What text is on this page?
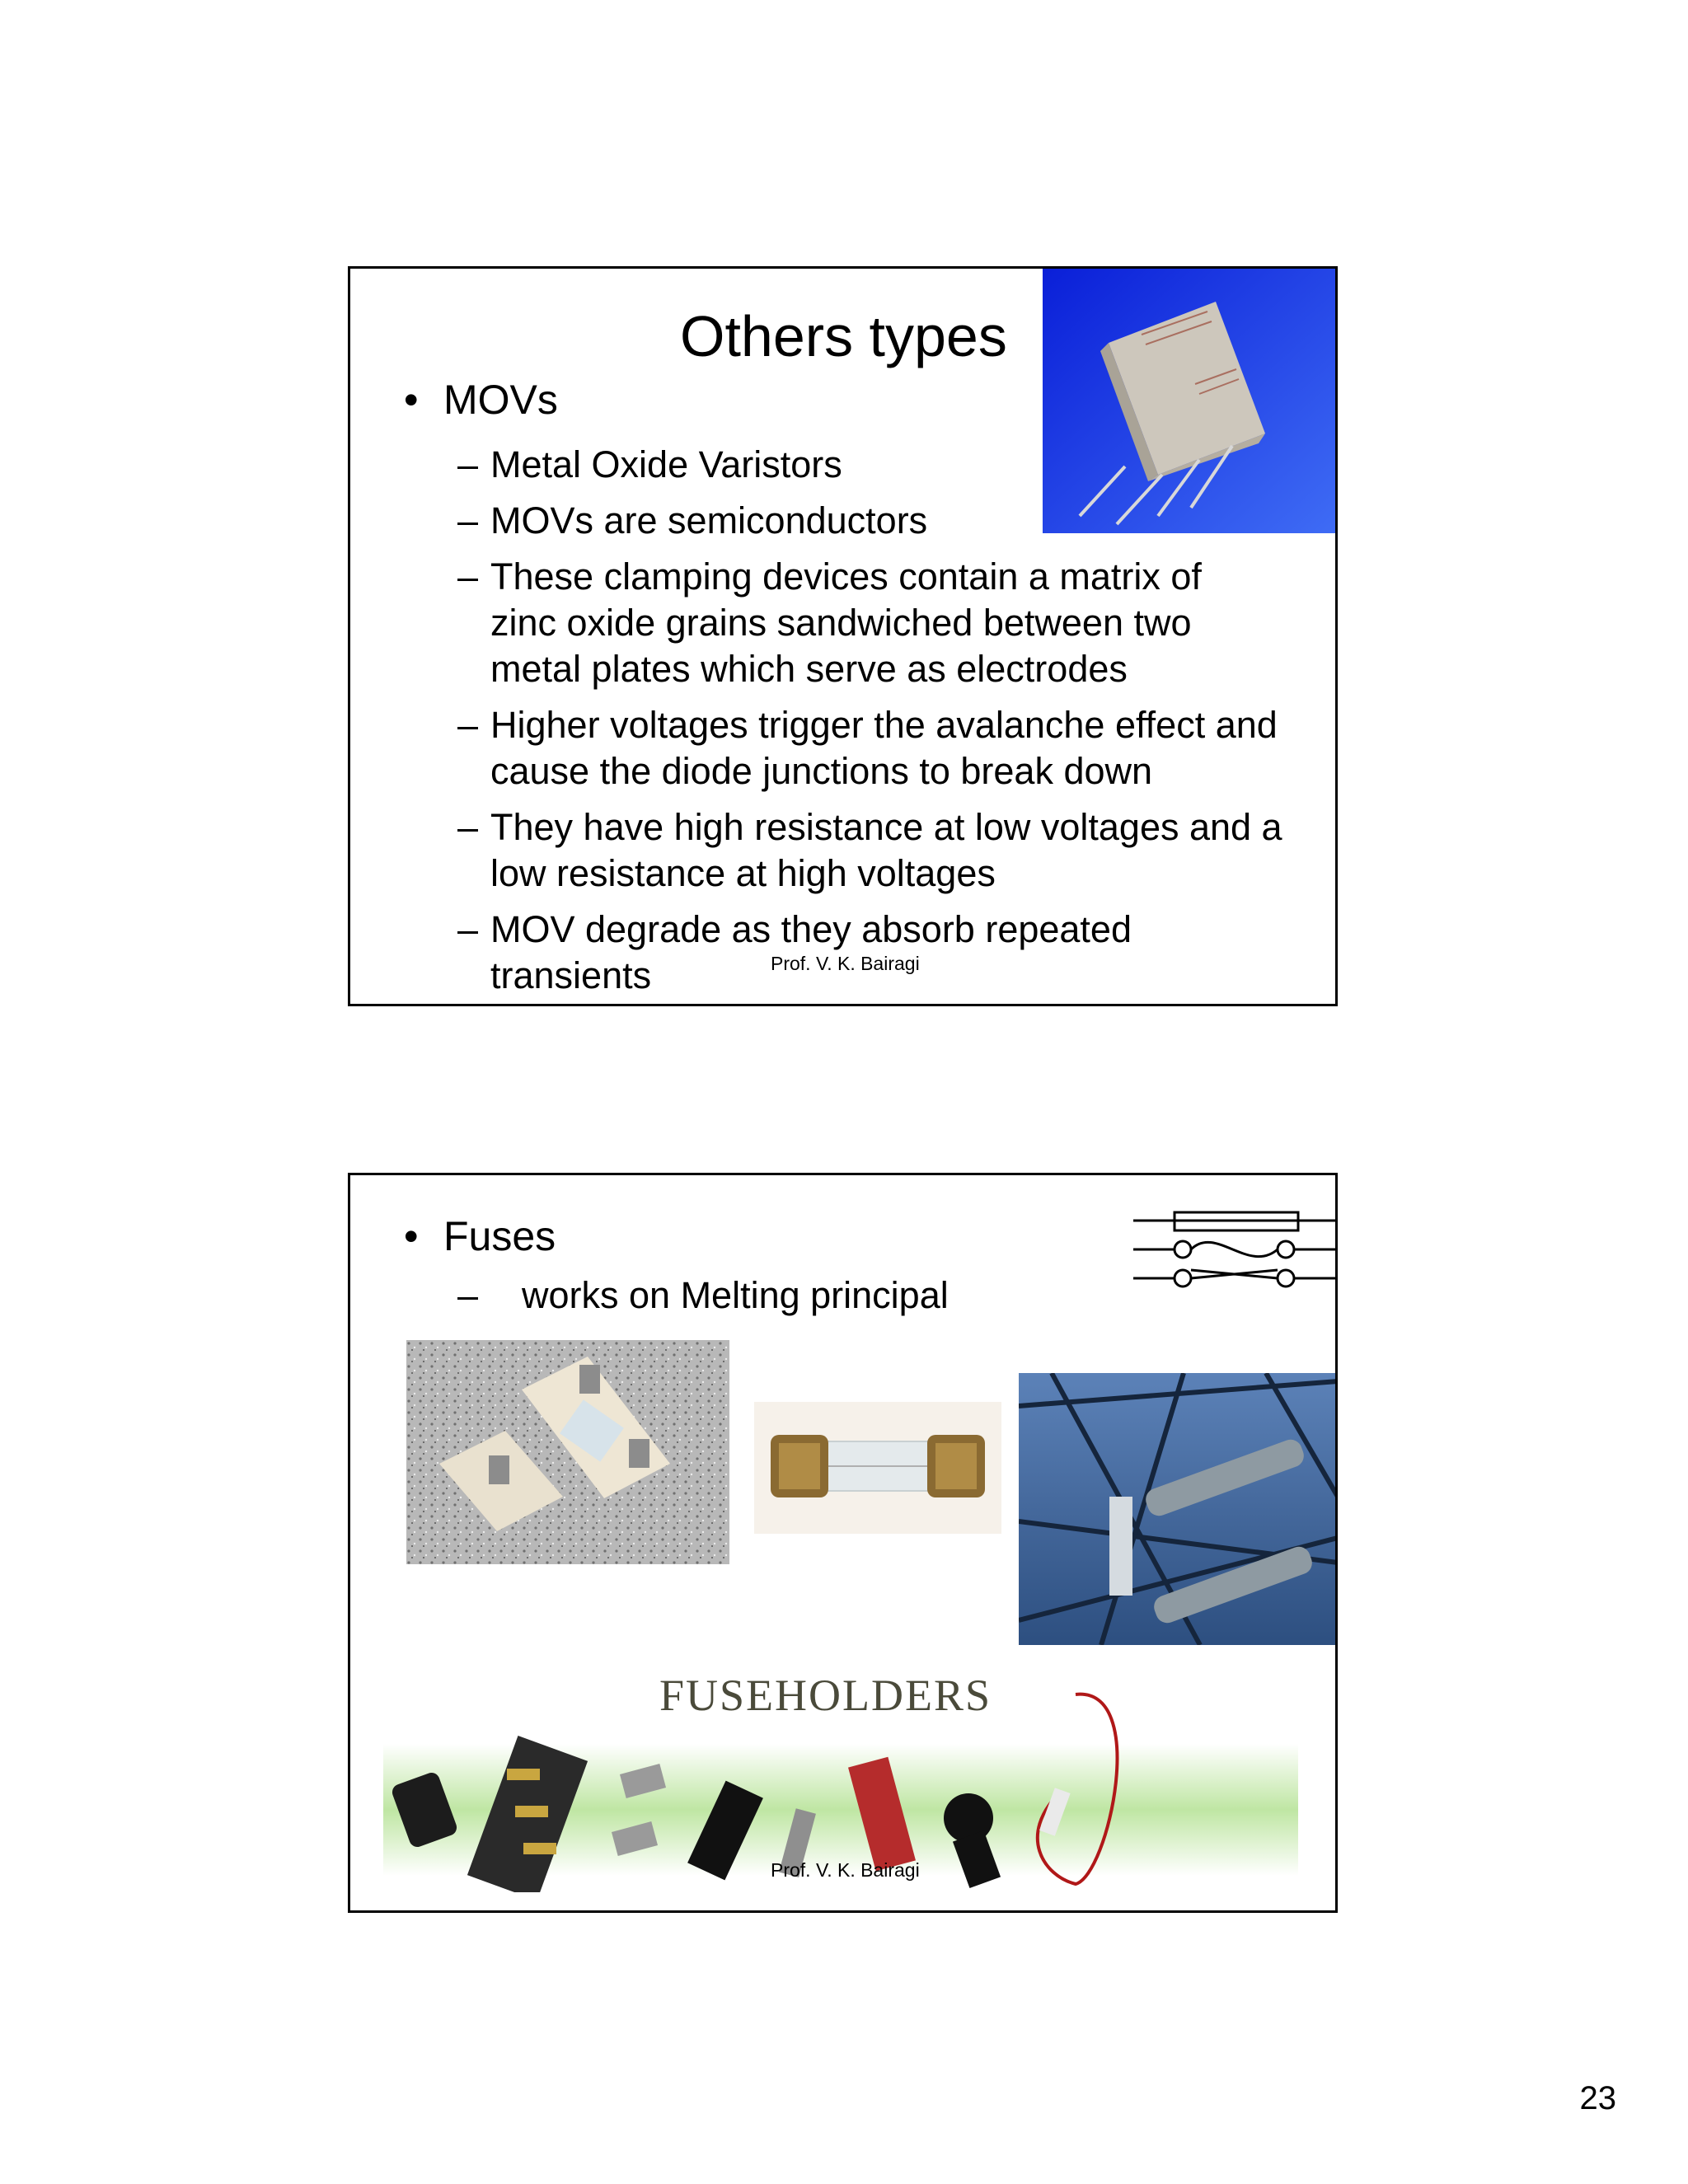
Others types
• MOVs
– Metal Oxide Varistors
– MOVs are semiconductors
– These clamping devices contain a matrix of zinc oxide grains sandwiched between two metal plates which serve as electrodes
– Higher voltages trigger the avalanche effect and cause the diode junctions to break down
– They have high resistance at low voltages and a low resistance at high voltages
– MOV degrade as they absorb repeated transients	Prof. V. K. Bairagi
• Fuses
– works on Melting principal
FUSEHOLDERS
Prof. V. K. Bairagi
23
